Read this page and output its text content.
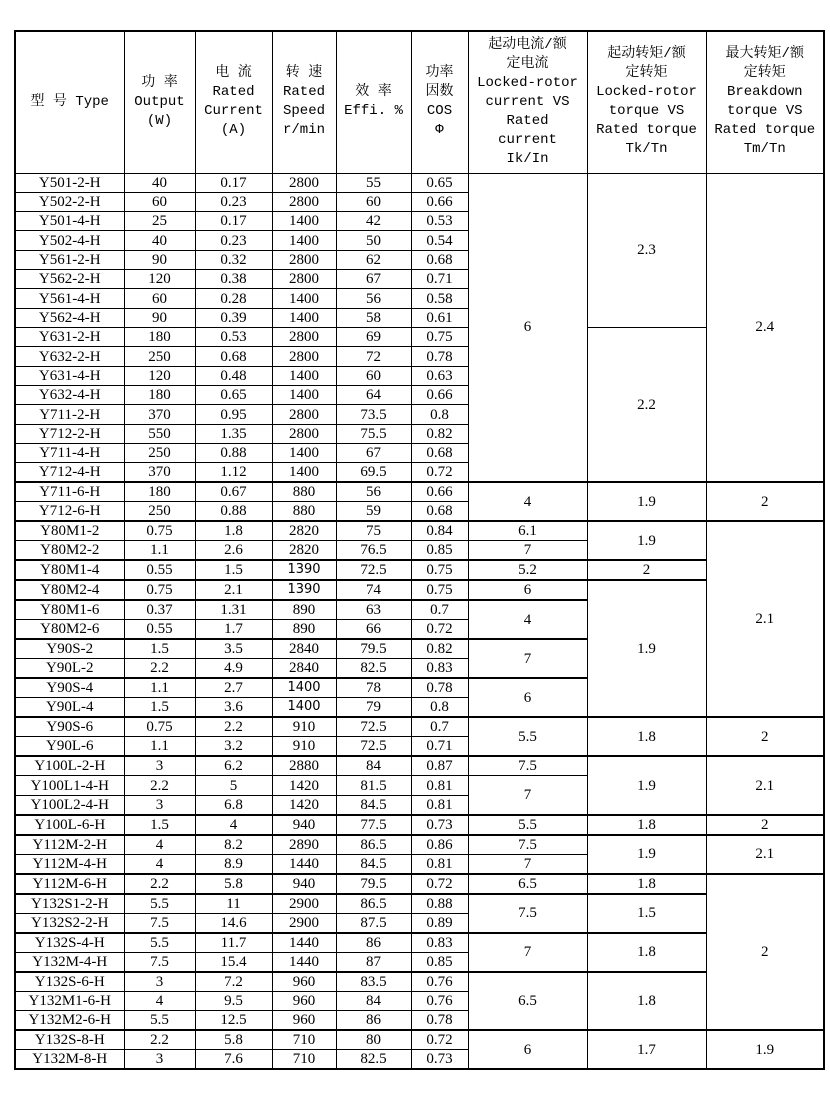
型 号 Type

功 率
Output
(W)

电 流
Rated
Current
(A)

转 速
Rated
Speed
r/min

效 率
Effi. %

功率
因数
COS
Φ

起动电流/额
定电流
Locked-rotor
current VS
Rated
current
Ik/In

起动转矩/额
定转矩
Locked-rotor
torque VS
Rated torque
Tk/Tn

最大转矩/额
定转矩
Breakdown
torque VS
Rated torque
Tm/Tn

Y501-2-H	40	0.17	2800	55	0.65	6	2.3	2.4
Y502-2-H	60	0.23	2800	60	0.66			
Y501-4-H	25	0.17	1400	42	0.53			
Y502-4-H	40	0.23	1400	50	0.54			
Y561-2-H	90	0.32	2800	62	0.68			
Y562-2-H	120	0.38	2800	67	0.71			
Y561-4-H	60	0.28	1400	56	0.58			
Y562-4-H	90	0.39	1400	58	0.61			
Y631-2-H	180	0.53	2800	69	0.75		2.2	
Y632-2-H	250	0.68	2800	72	0.78			
Y631-4-H	120	0.48	1400	60	0.63			
Y632-4-H	180	0.65	1400	64	0.66			
Y711-2-H	370	0.95	2800	73.5	0.8			
Y712-2-H	550	1.35	2800	75.5	0.82			
Y711-4-H	250	0.88	1400	67	0.68			
Y712-4-H	370	1.12	1400	69.5	0.72			
Y711-6-H	180	0.67	880	56	0.66	4	1.9	2
Y712-6-H	250	0.88	880	59	0.68			
Y80M1-2	0.75	1.8	2820	75	0.84	6.1	1.9	2.1
Y80M2-2	1.1	2.6	2820	76.5	0.85	7		
Y80M1-4	0.55	1.5	1390	72.5	0.75	5.2	2	
Y80M2-4	0.75	2.1	1390	74	0.75	6	1.9	
Y80M1-6	0.37	1.31	890	63	0.7	4		
Y80M2-6	0.55	1.7	890	66	0.72			
Y90S-2	1.5	3.5	2840	79.5	0.82	7		
Y90L-2	2.2	4.9	2840	82.5	0.83			
Y90S-4	1.1	2.7	1400	78	0.78	6		
Y90L-4	1.5	3.6	1400	79	0.8			
Y90S-6	0.75	2.2	910	72.5	0.7	5.5	1.8	2
Y90L-6	1.1	3.2	910	72.5	0.71			
Y100L-2-H	3	6.2	2880	84	0.87	7.5	1.9	2.1
Y100L1-4-H	2.2	5	1420	81.5	0.81	7		
Y100L2-4-H	3	6.8	1420	84.5	0.81			
Y100L-6-H	1.5	4	940	77.5	0.73	5.5	1.8	2
Y112M-2-H	4	8.2	2890	86.5	0.86	7.5	1.9	2.1
Y112M-4-H	4	8.9	1440	84.5	0.81	7		
Y112M-6-H	2.2	5.8	940	79.5	0.72	6.5	1.8	2
Y132S1-2-H	5.5	11	2900	86.5	0.88	7.5	1.5	
Y132S2-2-H	7.5	14.6	2900	87.5	0.89			
Y132S-4-H	5.5	11.7	1440	86	0.83	7	1.8	
Y132M-4-H	7.5	15.4	1440	87	0.85			
Y132S-6-H	3	7.2	960	83.5	0.76	6.5	1.8	
Y132M1-6-H	4	9.5	960	84	0.76			
Y132M2-6-H	5.5	12.5	960	86	0.78			
Y132S-8-H	2.2	5.8	710	80	0.72	6	1.7	1.9
Y132M-8-H	3	7.6	710	82.5	0.73			
